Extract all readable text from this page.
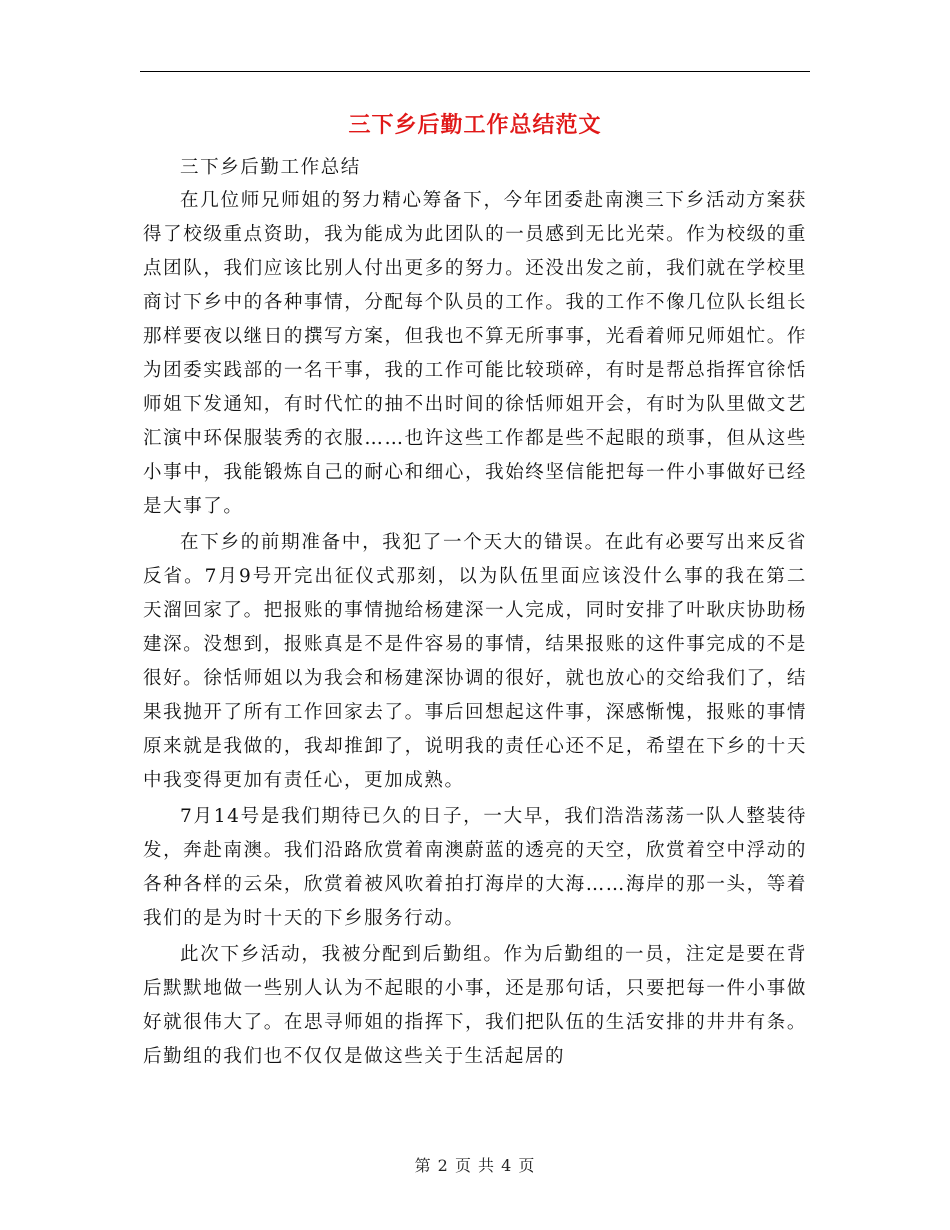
三下乡后勤工作总结范文

三下乡后勤工作总结

在几位师兄师姐的努力精心筹备下，今年团委赴南澳三下乡活动方案获得了校级重点资助，我为能成为此团队的一员感到无比光荣。作为校级的重点团队，我们应该比别人付出更多的努力。还没出发之前，我们就在学校里商讨下乡中的各种事情，分配每个队员的工作。我的工作不像几位队长组长那样要夜以继日的撰写方案，但我也不算无所事事，光看着师兄师姐忙。作为团委实践部的一名干事，我的工作可能比较琐碎，有时是帮总指挥官徐恬师姐下发通知，有时代忙的抽不出时间的徐恬师姐开会，有时为队里做文艺汇演中环保服装秀的衣服……也许这些工作都是些不起眼的琐事，但从这些小事中，我能锻炼自己的耐心和细心，我始终坚信能把每一件小事做好已经是大事了。

在下乡的前期准备中，我犯了一个天大的错误。在此有必要写出来反省反省。7月9号开完出征仪式那刻，以为队伍里面应该没什么事的我在第二天溜回家了。把报账的事情抛给杨建深一人完成，同时安排了叶耿庆协助杨建深。没想到，报账真是不是件容易的事情，结果报账的这件事完成的不是很好。徐恬师姐以为我会和杨建深协调的很好，就也放心的交给我们了，结果我抛开了所有工作回家去了。事后回想起这件事，深感惭愧，报账的事情原来就是我做的，我却推卸了，说明我的责任心还不足，希望在下乡的十天中我变得更加有责任心，更加成熟。

7月14号是我们期待已久的日子，一大早，我们浩浩荡荡一队人整装待发，奔赴南澳。我们沿路欣赏着南澳蔚蓝的透亮的天空，欣赏着空中浮动的各种各样的云朵，欣赏着被风吹着拍打海岸的大海……海岸的那一头，等着我们的是为时十天的下乡服务行动。

此次下乡活动，我被分配到后勤组。作为后勤组的一员，注定是要在背后默默地做一些别人认为不起眼的小事，还是那句话，只要把每一件小事做好就很伟大了。在思寻师姐的指挥下，我们把队伍的生活安排的井井有条。后勤组的我们也不仅仅是做这些关于生活起居的

第 2 页 共 4 页
